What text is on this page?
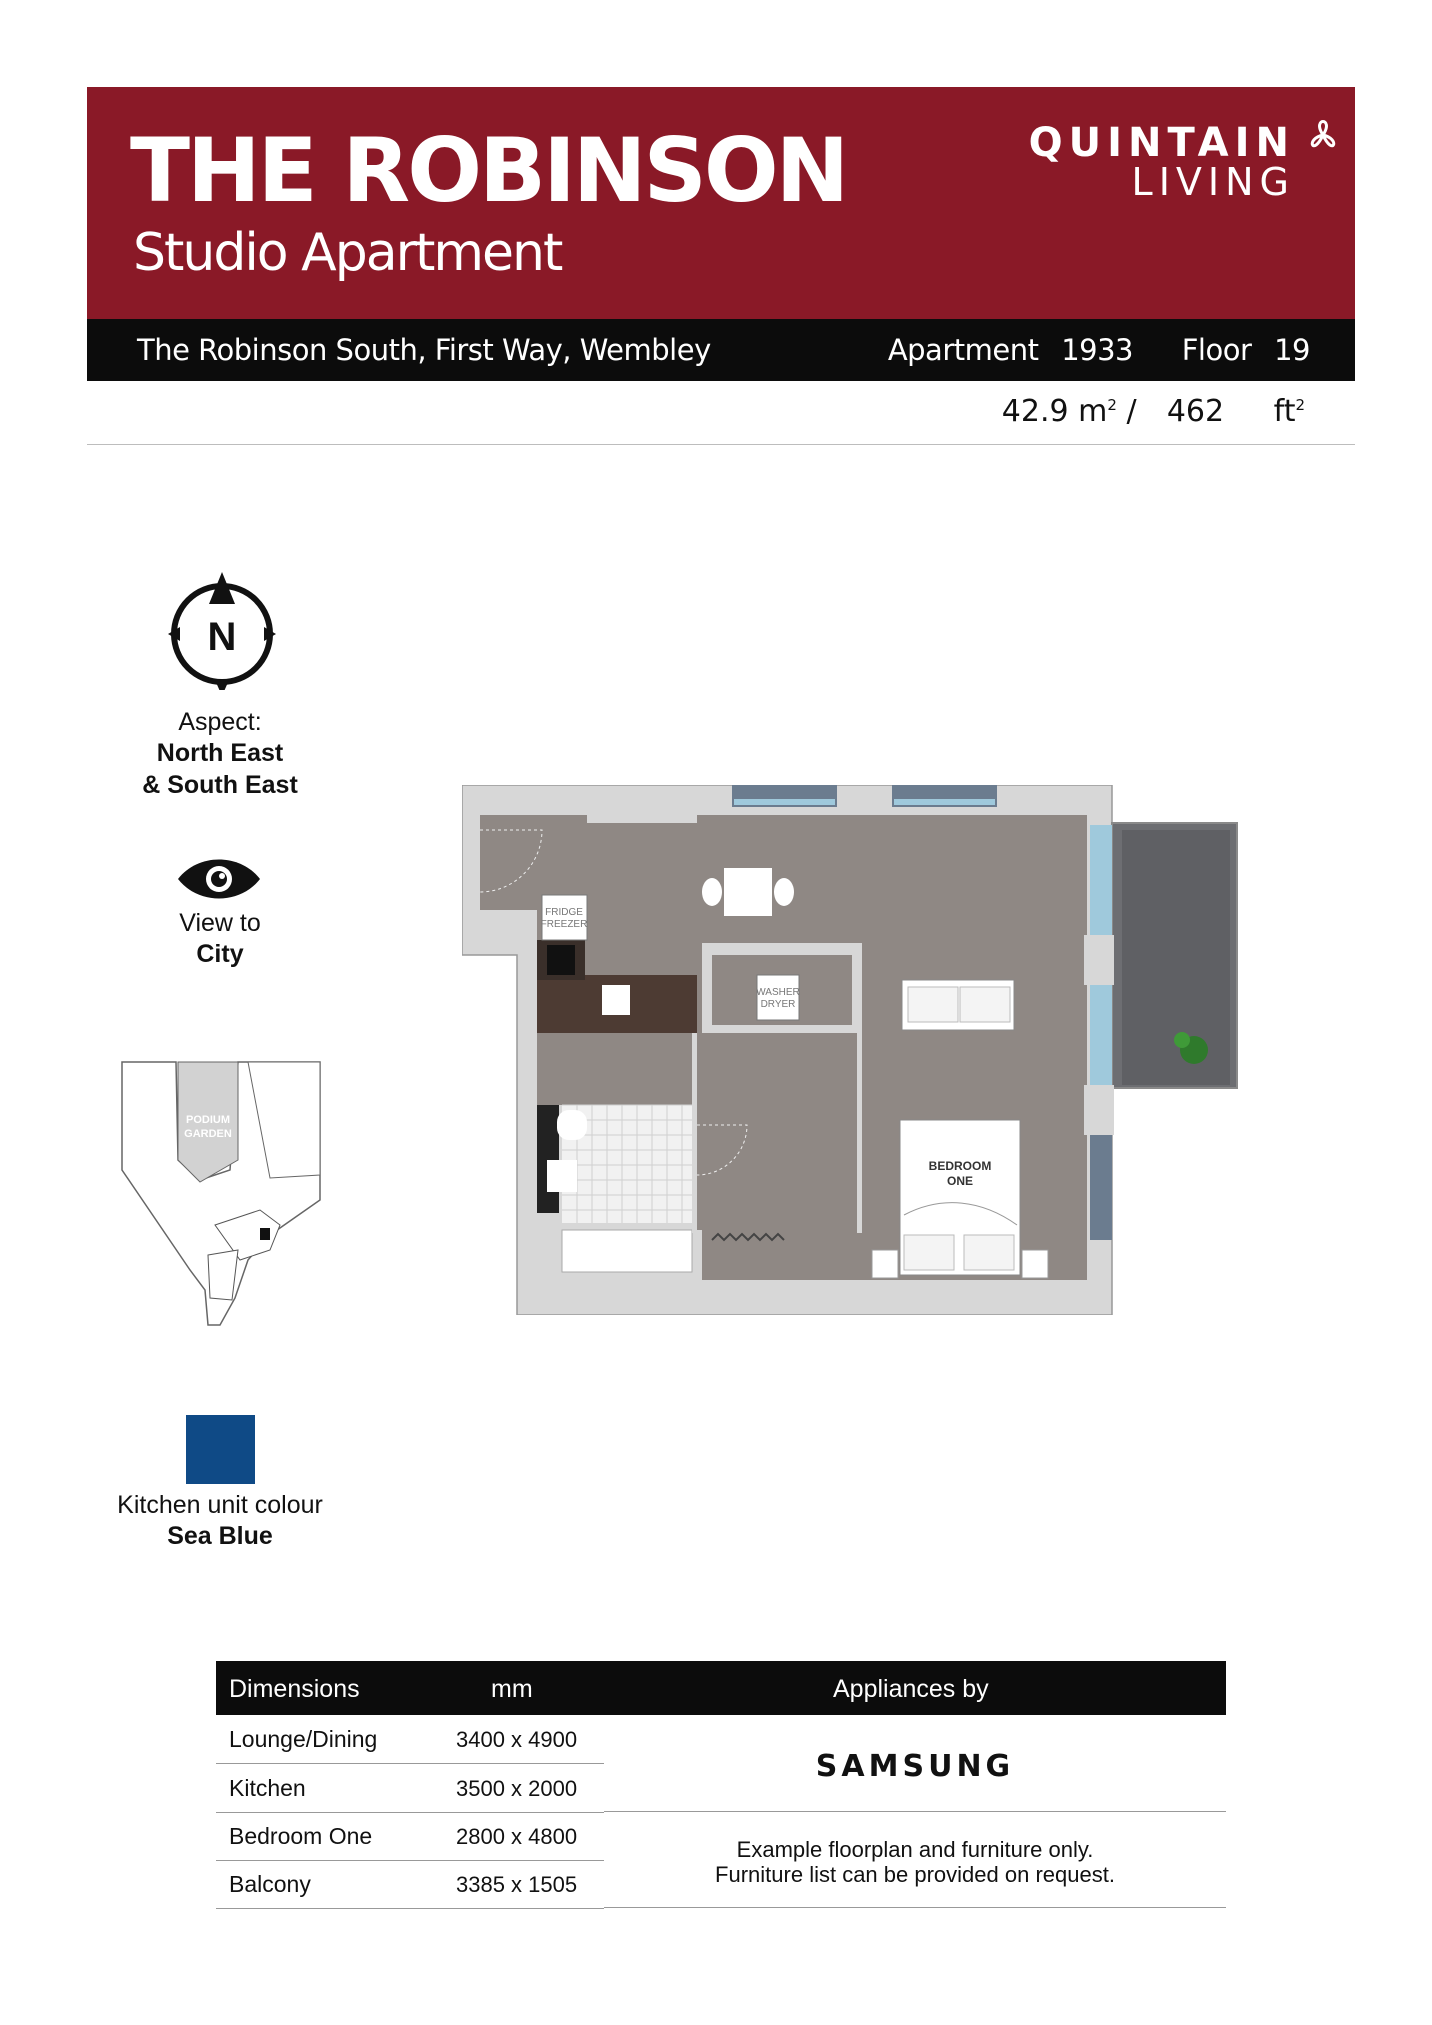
THE ROBINSON
Studio Apartment
QUINTAIN
LIVING
The Robinson South, First Way, Wembley	Apartment 1933 Floor 19
42.9 $m^2 / 462$ $ft^2$
N
Aspect:
North East
& South East
View to
City
PODIUM
GARDEN
Kitchen unit colour
Sea Blue
FRIDGE
FREEZER
WASHER
DRYER
BEDROOM
ONE
Dimensions	mm	Appliances by
Lounge/Dining	3400 x 4900
Kitchen	3500 x 2000
Bedroom One	2800 x 4800
Balcony	3385 x 1505
SAMSUNG
Example floorplan and furniture only.
Furniture list can be provided on request.
